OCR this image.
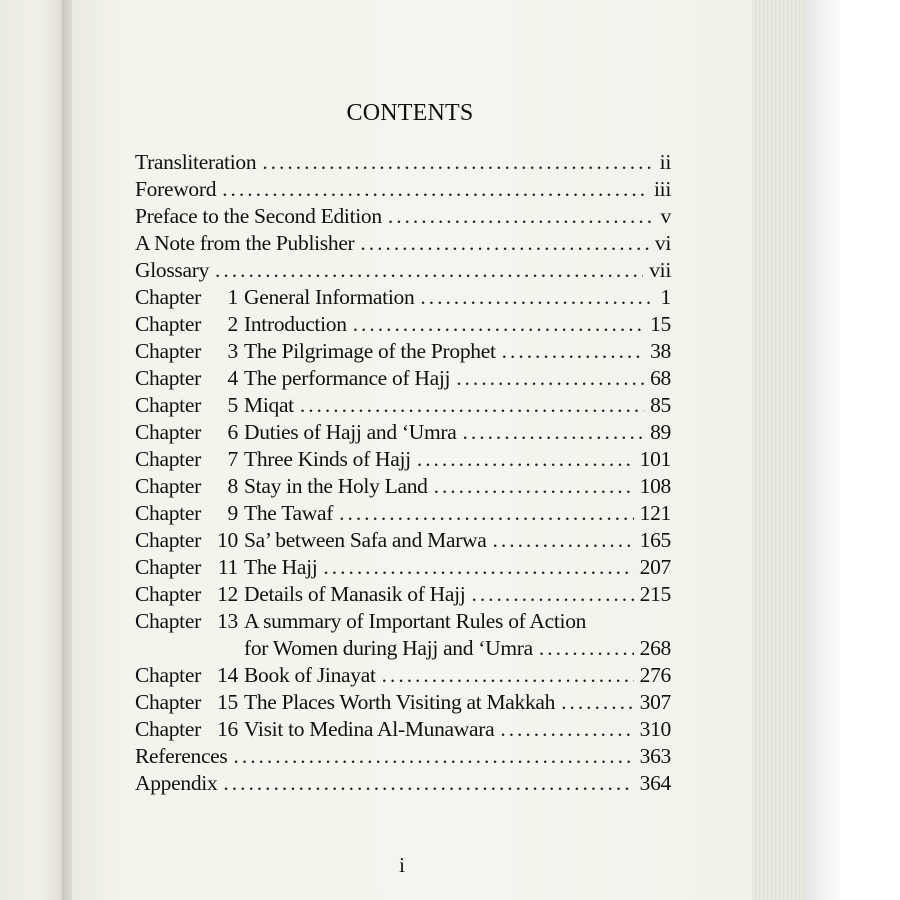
CONTENTS
Transliteration . . .	ii
Foreword . . .	iii
Preface to the Second Edition . . .	v
A Note from the Publisher . . .	vi
Glossary . . .	vii
Chapter 1 General Information . . .	1
Chapter 2 Introduction . . .	15
Chapter 3 The Pilgrimage of the Prophet . . .	38
Chapter 4 The performance of Hajj . . .	68
Chapter 5 Miqat . . .	85
Chapter 6 Duties of Hajj and ‘Umra . . .	89
Chapter 7 Three Kinds of Hajj . . .	101
Chapter 8 Stay in the Holy Land . . .	108
Chapter 9 The Tawaf . . .	121
Chapter 10 Sa’ between Safa and Marwa . . .	165
Chapter 11 The Hajj . . .	207
Chapter 12 Details of Manasik of Hajj . . .	215
Chapter 13 A summary of Important Rules of Action
for Women during Hajj and ‘Umra . . .	268
Chapter 14 Book of Jinayat . . .	276
Chapter 15 The Places Worth Visiting at Makkah . . .	307
Chapter 16 Visit to Medina Al-Munawara . . .	310
References . . .	363
Appendix . . .	364
i
